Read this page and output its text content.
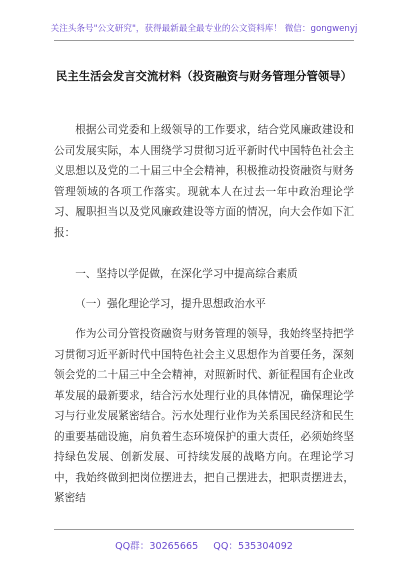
关注头条号"公文研究"，获得最新最全最专业的公文资料库！ 微信：gongwenyj
民主生活会发言交流材料（投资融资与财务管理分管领导）

根据公司党委和上级领导的工作要求，结合党风廉政建设和公司发展实际，本人围绕学习贯彻习近平新时代中国特色社会主义思想以及党的二十届三中全会精神，积极推动投资融资与财务管理领域的各项工作落实。现就本人在过去一年中政治理论学习、履职担当以及党风廉政建设等方面的情况，向大会作如下汇报：

一、坚持以学促做，在深化学习中提高综合素质

（一）强化理论学习，提升思想政治水平

作为公司分管投资融资与财务管理的领导，我始终坚持把学习贯彻习近平新时代中国特色社会主义思想作为首要任务，深刻领会党的二十届三中全会精神，对照新时代、新征程国有企业改革发展的最新要求，结合污水处理行业的具体情况，确保理论学习与行业发展紧密结合。污水处理行业作为关系国民经济和民生的重要基础设施，肩负着生态环境保护的重大责任，必须始终坚持绿色发展、创新发展、可持续发展的战略方向。在理论学习中，我始终做到把岗位摆进去，把自己摆进去，把职责摆进去，紧密结

QQ群：30265665 QQ：535304092
